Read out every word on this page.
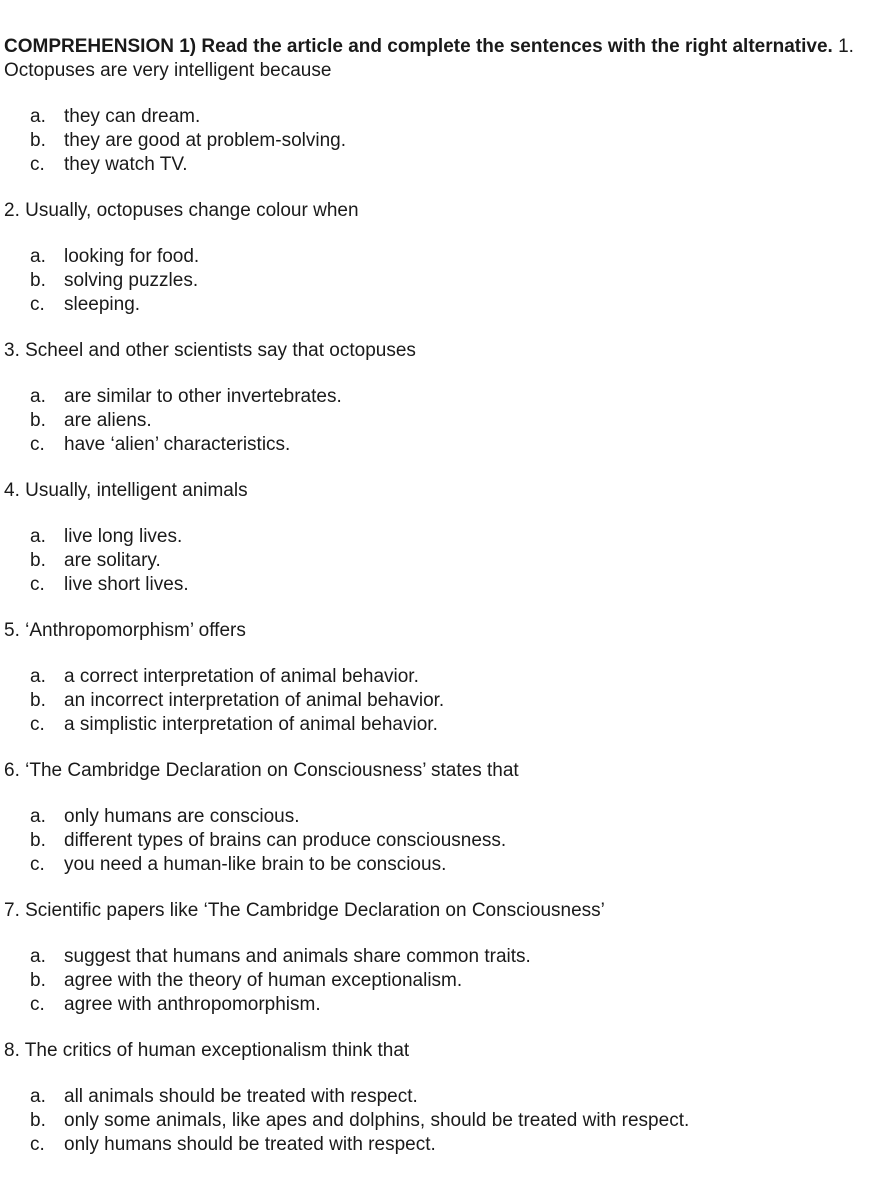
COMPREHENSION 1) Read the article and complete the sentences with the right alternative. 1. Octopuses are very intelligent because

a. they can dream.
b. they are good at problem-solving.
c. they watch TV.

2. Usually, octopuses change colour when

a. looking for food.
b. solving puzzles.
c. sleeping.

3. Scheel and other scientists say that octopuses

a. are similar to other invertebrates.
b. are aliens.
c. have ‘alien’ characteristics.

4. Usually, intelligent animals

a. live long lives.
b. are solitary.
c. live short lives.

5. ‘Anthropomorphism’ offers

a. a correct interpretation of animal behavior.
b. an incorrect interpretation of animal behavior.
c. a simplistic interpretation of animal behavior.

6. ‘The Cambridge Declaration on Consciousness’ states that

a. only humans are conscious.
b. different types of brains can produce consciousness.
c. you need a human-like brain to be conscious.

7. Scientific papers like ‘The Cambridge Declaration on Consciousness’

a. suggest that humans and animals share common traits.
b. agree with the theory of human exceptionalism.
c. agree with anthropomorphism.

8. The critics of human exceptionalism think that

a. all animals should be treated with respect.
b. only some animals, like apes and dolphins, should be treated with respect.
c. only humans should be treated with respect.
